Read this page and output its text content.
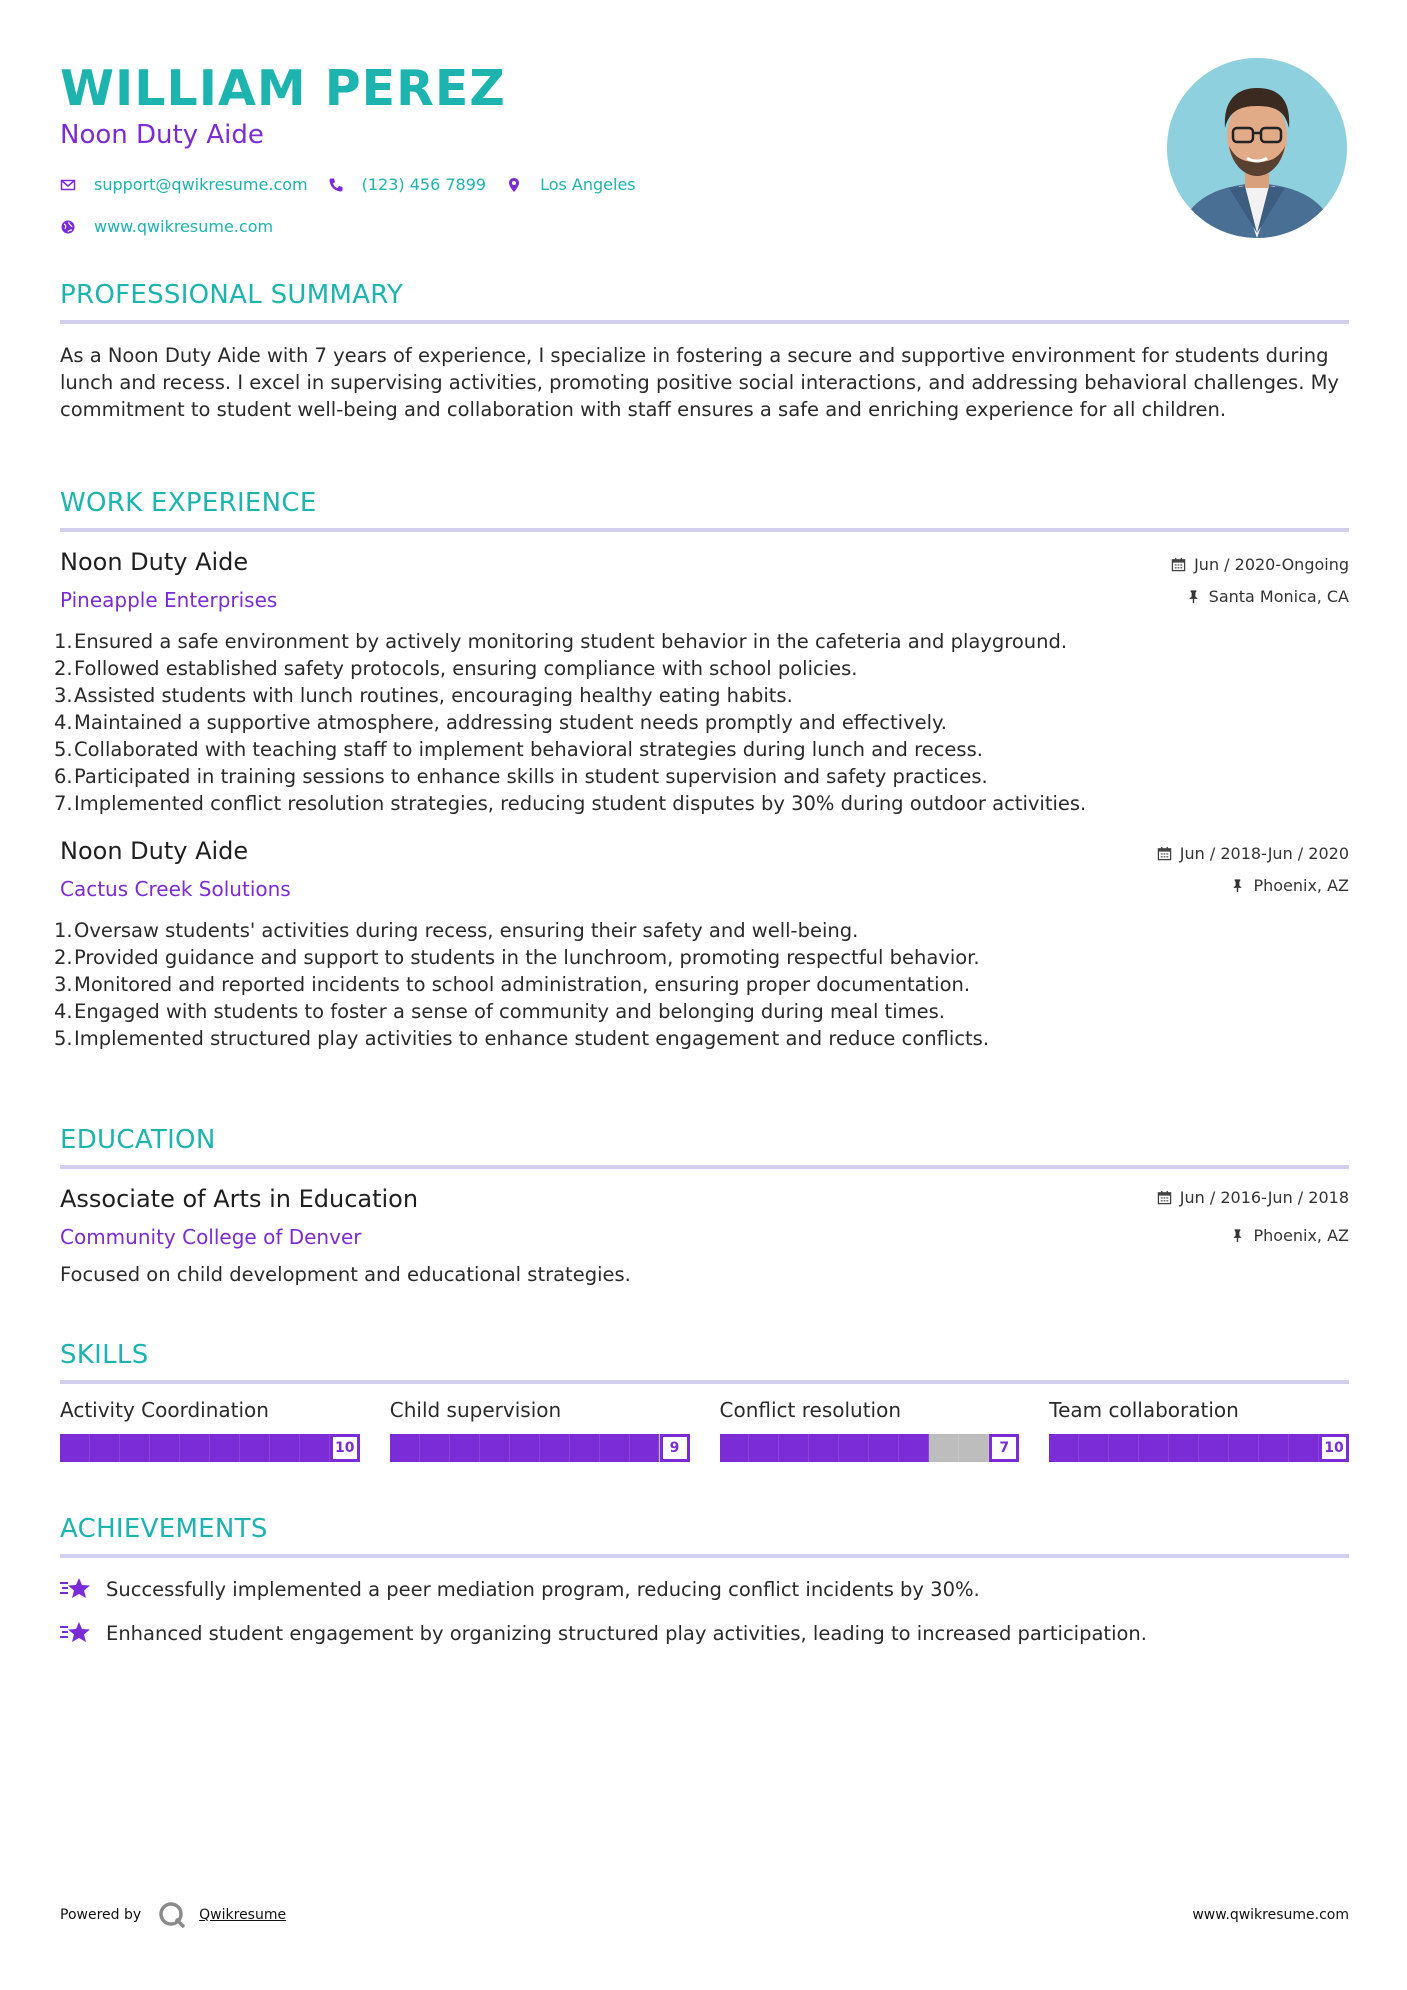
WILLIAM PEREZ
Noon Duty Aide
support@qwikresume.com	(123) 456 7899	Los Angeles
www.qwikresume.com
PROFESSIONAL SUMMARY
As a Noon Duty Aide with 7 years of experience, I specialize in fostering a secure and supportive environment for students during lunch and recess. I excel in supervising activities, promoting positive social interactions, and addressing behavioral challenges. My commitment to student well-being and collaboration with staff ensures a safe and enriching experience for all children.
WORK EXPERIENCE
Noon Duty Aide
Pineapple Enterprises
Jun / 2020-Ongoing
Santa Monica, CA
1. Ensured a safe environment by actively monitoring student behavior in the cafeteria and playground.
2. Followed established safety protocols, ensuring compliance with school policies.
3. Assisted students with lunch routines, encouraging healthy eating habits.
4. Maintained a supportive atmosphere, addressing student needs promptly and effectively.
5. Collaborated with teaching staff to implement behavioral strategies during lunch and recess.
6. Participated in training sessions to enhance skills in student supervision and safety practices.
7. Implemented conflict resolution strategies, reducing student disputes by 30% during outdoor activities.
Noon Duty Aide
Cactus Creek Solutions
Jun / 2018-Jun / 2020
Phoenix, AZ
1. Oversaw students' activities during recess, ensuring their safety and well-being.
2. Provided guidance and support to students in the lunchroom, promoting respectful behavior.
3. Monitored and reported incidents to school administration, ensuring proper documentation.
4. Engaged with students to foster a sense of community and belonging during meal times.
5. Implemented structured play activities to enhance student engagement and reduce conflicts.
EDUCATION
Associate of Arts in Education
Community College of Denver
Jun / 2016-Jun / 2018
Phoenix, AZ
Focused on child development and educational strategies.
SKILLS
Activity Coordination
10
Child supervision
9
Conflict resolution
7
Team collaboration
10
ACHIEVEMENTS
Successfully implemented a peer mediation program, reducing conflict incidents by 30%.
Enhanced student engagement by organizing structured play activities, leading to increased participation.
Powered by	Qwikresume	www.qwikresume.com
